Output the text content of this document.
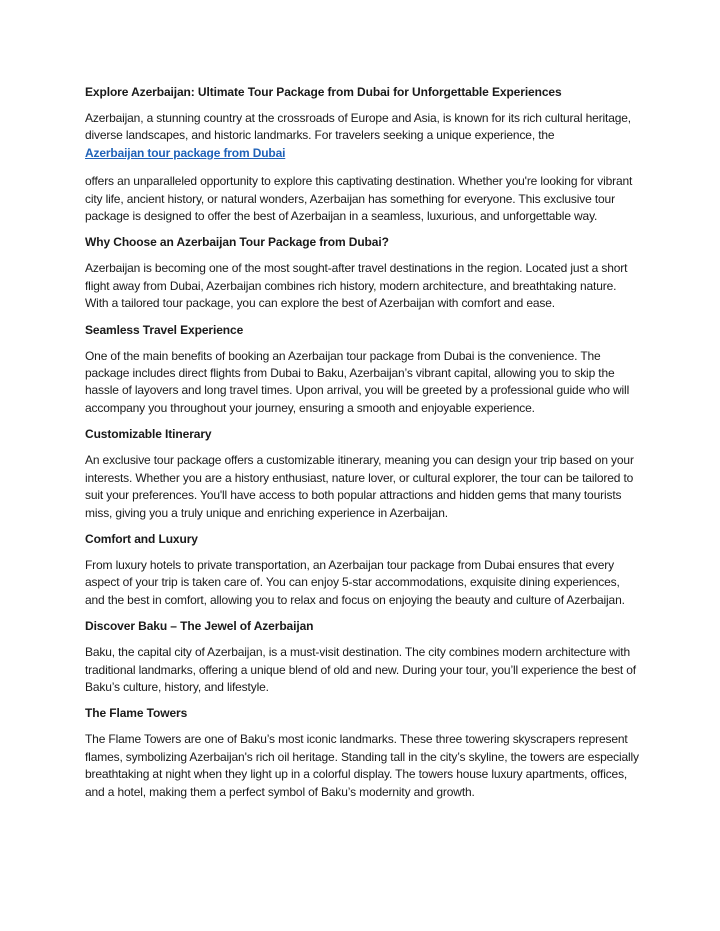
Explore Azerbaijan: Ultimate Tour Package from Dubai for Unforgettable Experiences
Azerbaijan, a stunning country at the crossroads of Europe and Asia, is known for its rich cultural heritage, diverse landscapes, and historic landmarks. For travelers seeking a unique experience, the
Azerbaijan tour package from Dubai
offers an unparalleled opportunity to explore this captivating destination. Whether you're looking for vibrant city life, ancient history, or natural wonders, Azerbaijan has something for everyone. This exclusive tour package is designed to offer the best of Azerbaijan in a seamless, luxurious, and unforgettable way.
Why Choose an Azerbaijan Tour Package from Dubai?
Azerbaijan is becoming one of the most sought-after travel destinations in the region. Located just a short flight away from Dubai, Azerbaijan combines rich history, modern architecture, and breathtaking nature. With a tailored tour package, you can explore the best of Azerbaijan with comfort and ease.
Seamless Travel Experience
One of the main benefits of booking an Azerbaijan tour package from Dubai is the convenience. The package includes direct flights from Dubai to Baku, Azerbaijan’s vibrant capital, allowing you to skip the hassle of layovers and long travel times. Upon arrival, you will be greeted by a professional guide who will accompany you throughout your journey, ensuring a smooth and enjoyable experience.
Customizable Itinerary
An exclusive tour package offers a customizable itinerary, meaning you can design your trip based on your interests. Whether you are a history enthusiast, nature lover, or cultural explorer, the tour can be tailored to suit your preferences. You'll have access to both popular attractions and hidden gems that many tourists miss, giving you a truly unique and enriching experience in Azerbaijan.
Comfort and Luxury
From luxury hotels to private transportation, an Azerbaijan tour package from Dubai ensures that every aspect of your trip is taken care of. You can enjoy 5-star accommodations, exquisite dining experiences, and the best in comfort, allowing you to relax and focus on enjoying the beauty and culture of Azerbaijan.
Discover Baku – The Jewel of Azerbaijan
Baku, the capital city of Azerbaijan, is a must-visit destination. The city combines modern architecture with traditional landmarks, offering a unique blend of old and new. During your tour, you’ll experience the best of Baku’s culture, history, and lifestyle.
The Flame Towers
The Flame Towers are one of Baku’s most iconic landmarks. These three towering skyscrapers represent flames, symbolizing Azerbaijan's rich oil heritage. Standing tall in the city’s skyline, the towers are especially breathtaking at night when they light up in a colorful display. The towers house luxury apartments, offices, and a hotel, making them a perfect symbol of Baku’s modernity and growth.
